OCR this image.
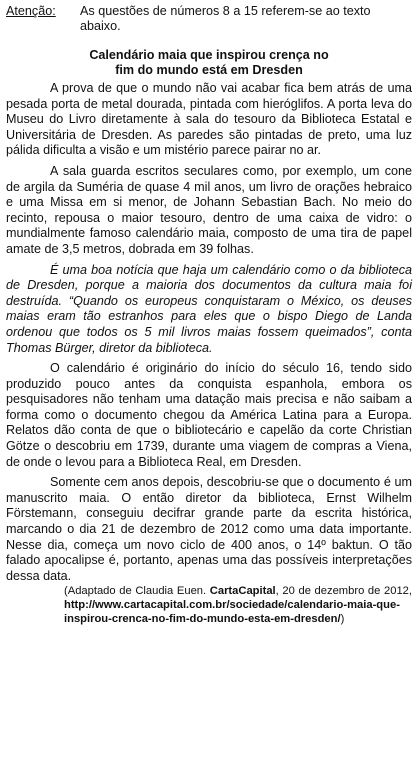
Atenção:	As questões de números 8 a 15 referem-se ao texto abaixo.
Calendário maia que inspirou crença no
fim do mundo está em Dresden

A prova de que o mundo não vai acabar fica bem atrás de uma pesada porta de metal dourada, pintada com hieróglifos. A porta leva do Museu do Livro diretamente à sala do tesouro da Biblioteca Estatal e Universitária de Dresden. As paredes são pintadas de preto, uma luz pálida dificulta a visão e um mistério parece pairar no ar.

A sala guarda escritos seculares como, por exemplo, um cone de argila da Suméria de quase 4 mil anos, um livro de orações hebraico e uma Missa em si menor, de Johann Sebastian Bach. No meio do recinto, repousa o maior tesouro, dentro de uma caixa de vidro: o mundialmente famoso calendário maia, composto de uma tira de papel amate de 3,5 metros, dobrada em 39 folhas.

É uma boa notícia que haja um calendário como o da biblioteca de Dresden, porque a maioria dos documentos da cultura maia foi destruída. “Quando os europeus conquistaram o México, os deuses maias eram tão estranhos para eles que o bispo Diego de Landa ordenou que todos os 5 mil livros maias fossem queimados”, conta Thomas Bürger, diretor da biblioteca.

O calendário é originário do início do século 16, tendo sido produzido pouco antes da conquista espanhola, embora os pesquisadores não tenham uma datação mais precisa e não saibam a forma como o documento chegou da América Latina para a Europa. Relatos dão conta de que o bibliotecário e capelão da corte Christian Götze o descobriu em 1739, durante uma viagem de compras a Viena, de onde o levou para a Biblioteca Real, em Dresden.

Somente cem anos depois, descobriu-se que o documento é um manuscrito maia. O então diretor da biblioteca, Ernst Wilhelm Förstemann, conseguiu decifrar grande parte da escrita histórica, marcando o dia 21 de dezembro de 2012 como uma data importante. Nesse dia, começa um novo ciclo de 400 anos, o 14º baktun. O tão falado apocalipse é, portanto, apenas uma das possíveis interpretações dessa data.

(Adaptado de Claudia Euen. CartaCapital, 20 de dezembro de 2012, http://www.cartacapital.com.br/sociedade/calendario-maia-que-inspirou-crenca-no-fim-do-mundo-esta-em-dresden/)
